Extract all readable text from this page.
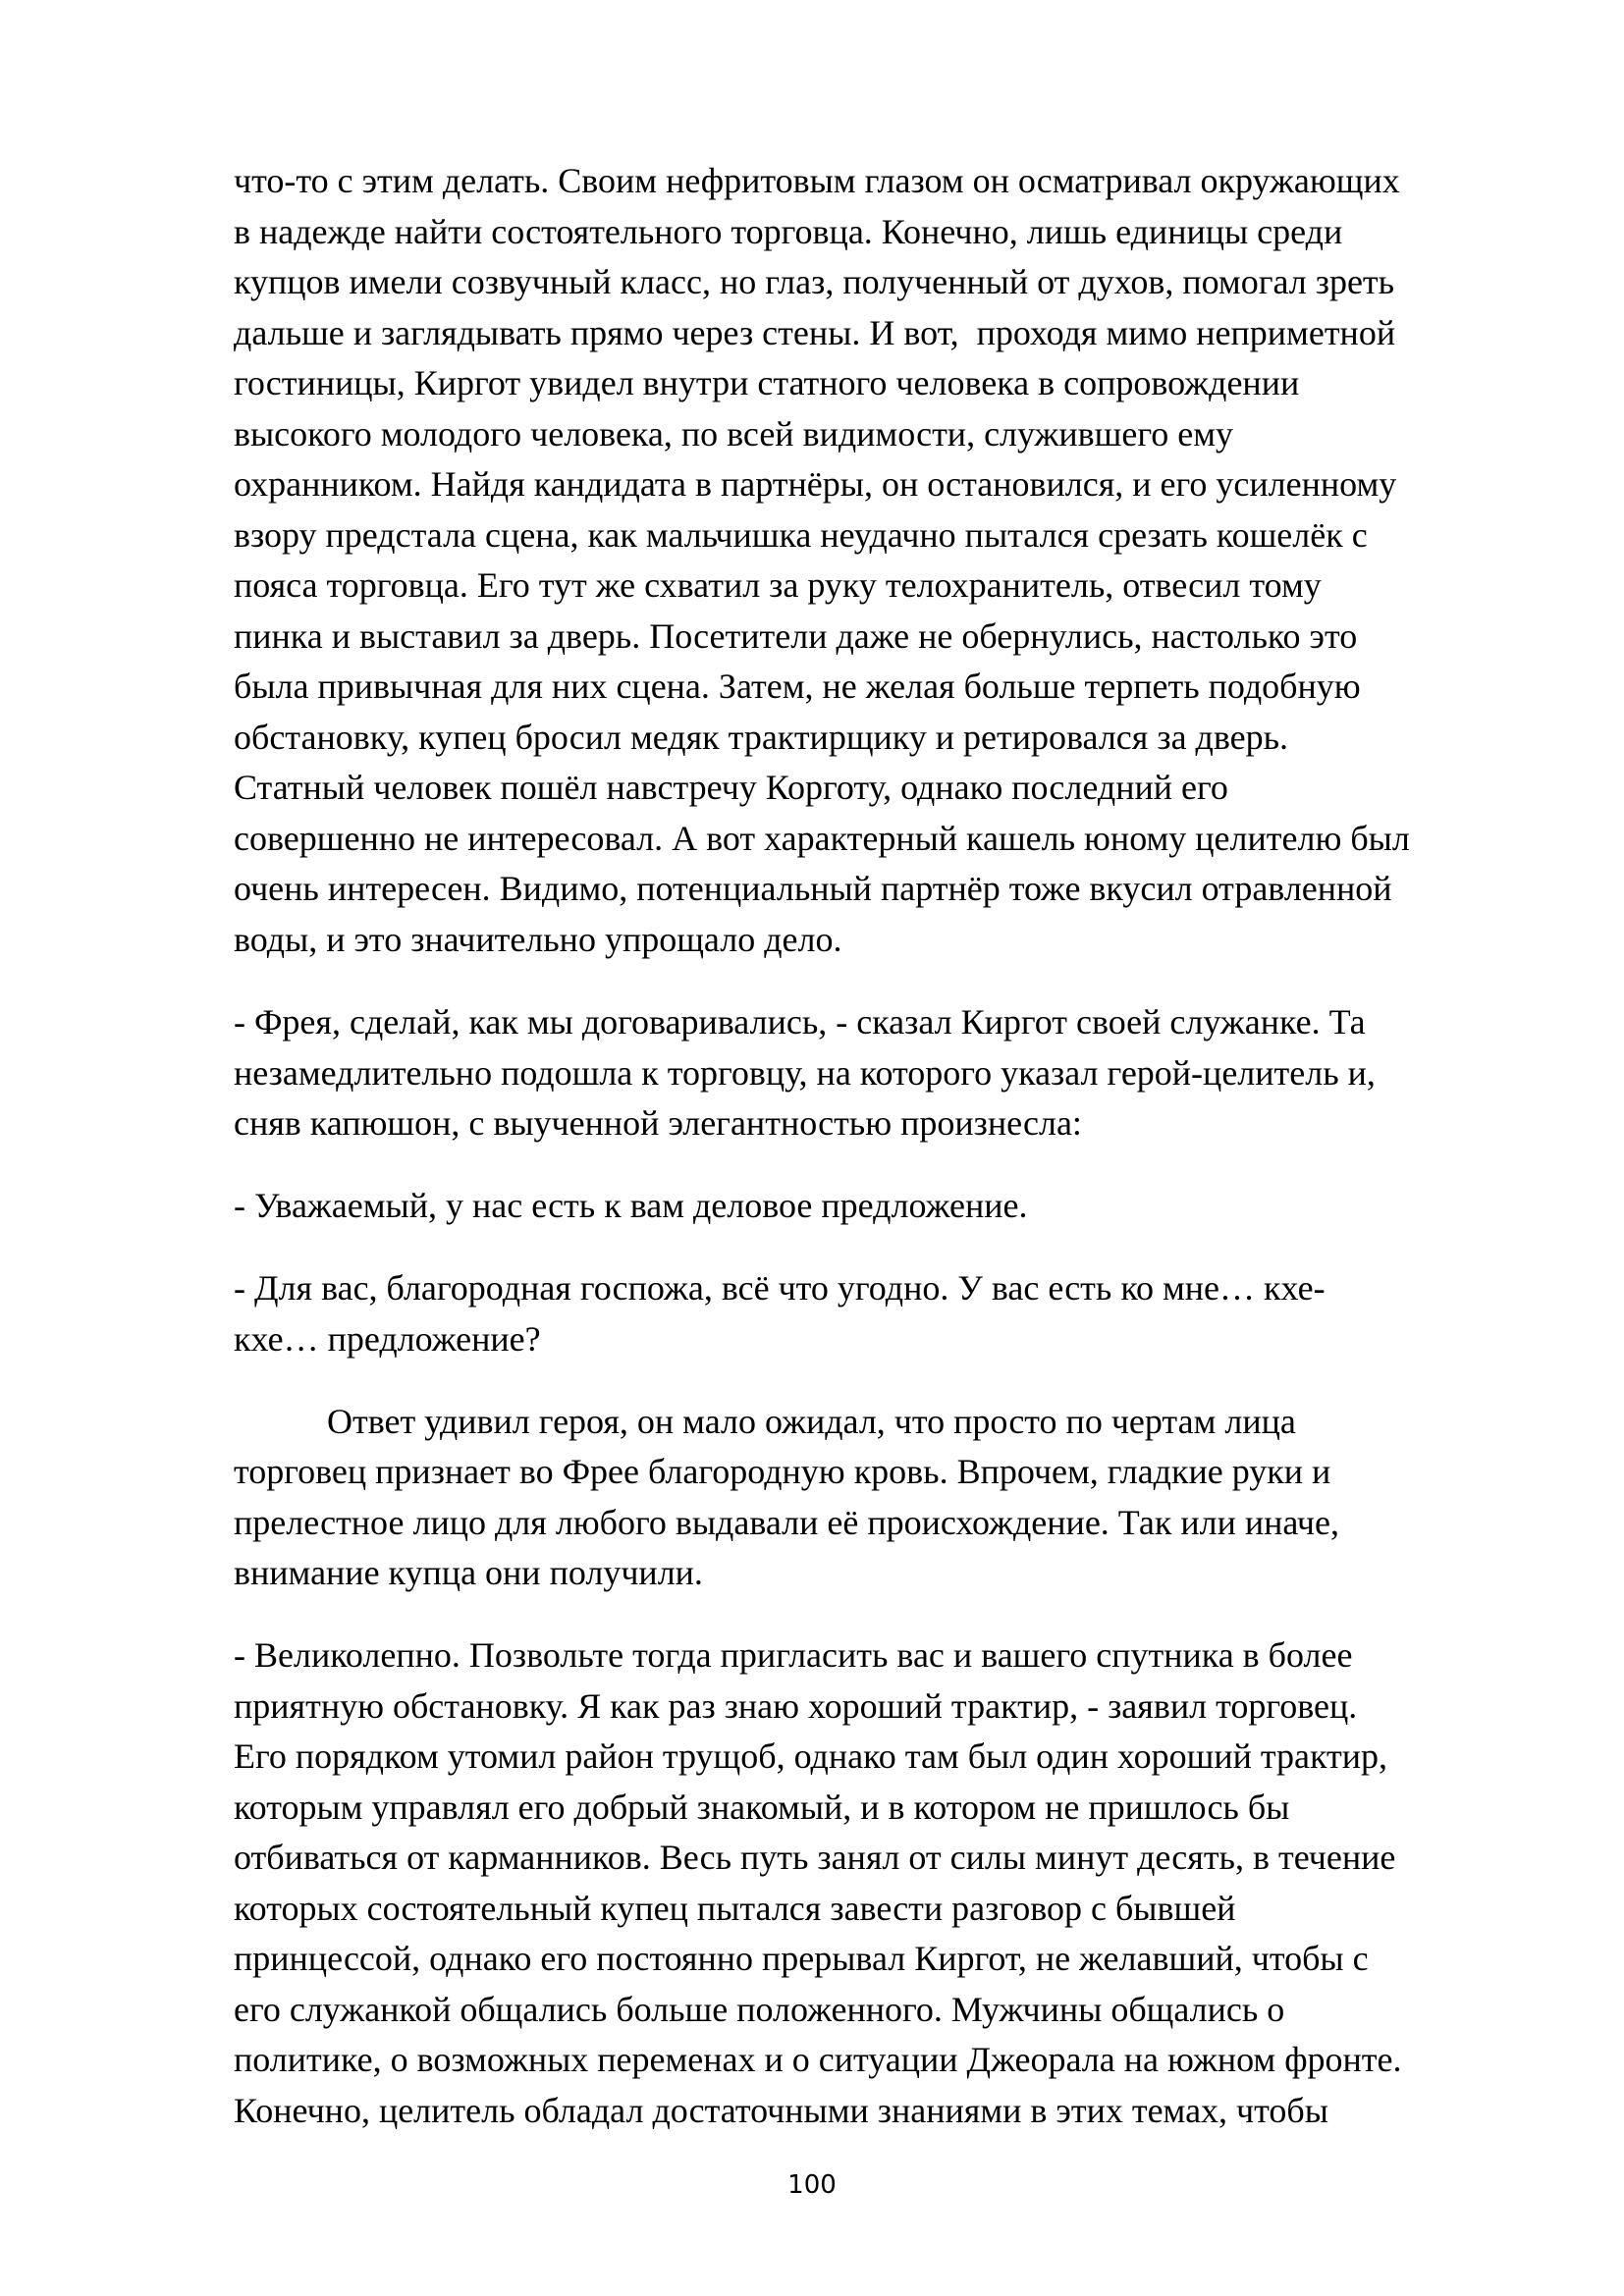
что-то с этим делать. Своим нефритовым глазом он осматривал окружающих
в надежде найти состоятельного торговца. Конечно, лишь единицы среди
купцов имели созвучный класс, но глаз, полученный от духов, помогал зреть
дальше и заглядывать прямо через стены. И вот,  проходя мимо неприметной
гостиницы, Киргот увидел внутри статного человека в сопровождении
высокого молодого человека, по всей видимости, служившего ему
охранником. Найдя кандидата в партнёры, он остановился, и его усиленному
взору предстала сцена, как мальчишка неудачно пытался срезать кошелёк с
пояса торговца. Его тут же схватил за руку телохранитель, отвесил тому
пинка и выставил за дверь. Посетители даже не обернулись, настолько это
была привычная для них сцена. Затем, не желая больше терпеть подобную
обстановку, купец бросил медяк трактирщику и ретировался за дверь.
Статный человек пошёл навстречу Корготу, однако последний его
совершенно не интересовал. А вот характерный кашель юному целителю был
очень интересен. Видимо, потенциальный партнёр тоже вкусил отравленной
воды, и это значительно упрощало дело.
- Фрея, сделай, как мы договаривались, - сказал Киргот своей служанке. Та
незамедлительно подошла к торговцу, на которого указал герой-целитель и,
сняв капюшон, с выученной элегантностью произнесла:
- Уважаемый, у нас есть к вам деловое предложение.
- Для вас, благородная госпожа, всё что угодно. У вас есть ко мне… кхе-
кхе… предложение?
Ответ удивил героя, он мало ожидал, что просто по чертам лица
торговец признает во Фрее благородную кровь. Впрочем, гладкие руки и
прелестное лицо для любого выдавали её происхождение. Так или иначе,
внимание купца они получили.
- Великолепно. Позвольте тогда пригласить вас и вашего спутника в более
приятную обстановку. Я как раз знаю хороший трактир, - заявил торговец.
Его порядком утомил район трущоб, однако там был один хороший трактир,
которым управлял его добрый знакомый, и в котором не пришлось бы
отбиваться от карманников. Весь путь занял от силы минут десять, в течение
которых состоятельный купец пытался завести разговор с бывшей
принцессой, однако его постоянно прерывал Киргот, не желавший, чтобы с
его служанкой общались больше положенного. Мужчины общались о
политике, о возможных переменах и о ситуации Джеорала на южном фронте.
Конечно, целитель обладал достаточными знаниями в этих темах, чтобы
100
